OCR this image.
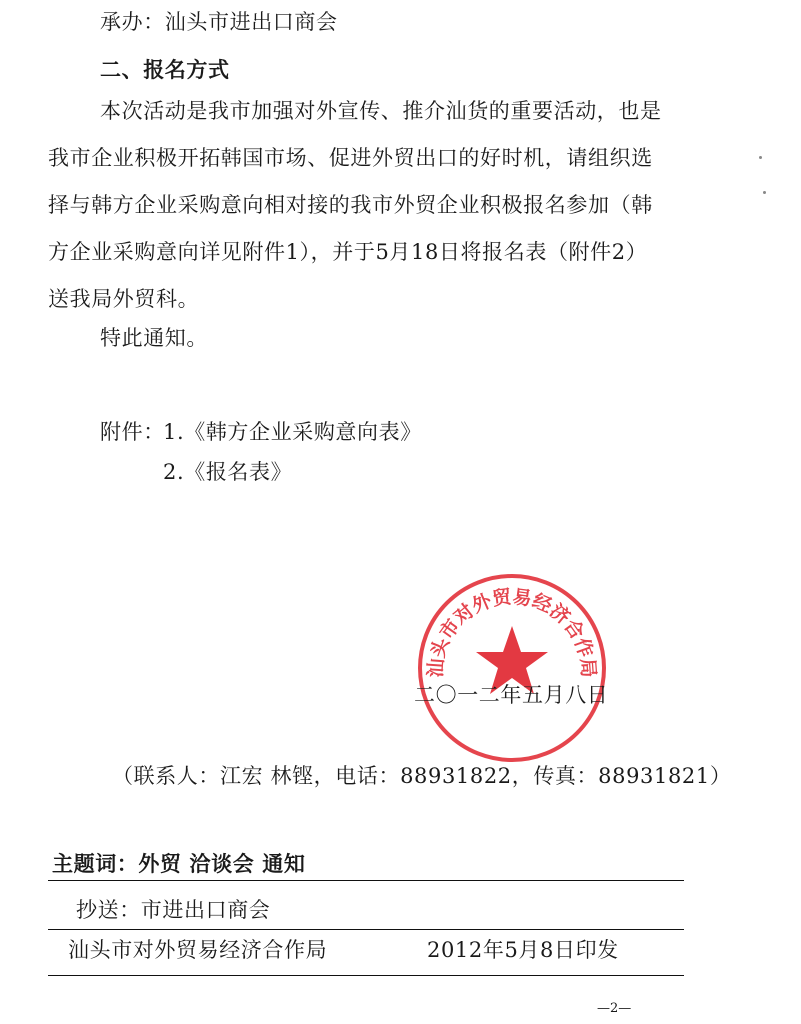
承办：汕头市进出口商会
二、报名方式
本次活动是我市加强对外宣传、推介汕货的重要活动，也是
我市企业积极开拓韩国市场、促进外贸出口的好时机，请组织选
择与韩方企业采购意向相对接的我市外贸企业积极报名参加（韩
方企业采购意向详见附件1），并于5月18日将报名表（附件2）
送我局外贸科。
特此通知。
附件：
1.《韩方企业采购意向表》
2.《报名表》
汕头市对外贸易经济合作局
二〇一二年五月八日
（联系人：江宏 林铿，电话：88931822，传真：88931821）
主题词：外贸 洽谈会 通知
抄送：市进出口商会
汕头市对外贸易经济合作局	2012年5月8日印发
—2—
